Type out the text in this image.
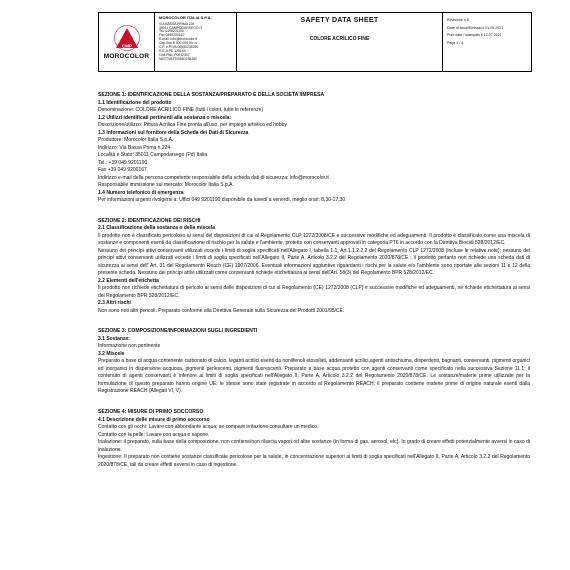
CMP
MOROCOLOR
MOROCOLOR ITALIA S.P.A.
VIA BASSA PRIMA 224
35011 CAMPODARSEGO IT
Tel. 0498201190
Fax 0499200167
E-mail: info@morocolor.it
Cap.Soc € 300.000,00 i.v.
C.F. e P.IVA 00650235250
R.E.A PD 125144
Cod.Fisc. P0012367
VAT/TVA IT00650235280
SAFETY DATA SHEET
COLORE ACRILICO FINE
Revisione n.6
Date of issue/Emissio il 01.05.2021
Print date / stampato il 12.07.2021
Page 1 / 4
SEZIONE 1: IDENTIFICAZIONE DELLA SOSTANZA/PREPARATO E DELLA SOCIETA'/IMPRESA
1.1 Identificazione del prodotto

Denominazione: COLORE ACRILICO FINE (tutti i colori, tutte le referenze)

1.2 Utilizzi identificati pertinenti alla sostanza o miscela:

Descrizione/utilizzo: Pittura Acrilica Fine pronta all'uso, per impiego artistico ed hobby

1.3 Informazioni sul fornitore della Scheda dei Dati di Sicurezza

Produttore: Morocolor Italia S.p.A.

Indirizzo: Via Bassa Prima n.224

Località e Stato: 35011 Campodarsego (Pd) Italia

Tel.: +39 049 9201190

Fax +39 049 9200167

Indirizzo e-mail della persona competente responsabile della scheda dati di sicurezza: info@morocolor.it

Responsabile immissione sul mercato: Morocolor Italia S.p.A.

1.4 Numero telefonico di emergenza

Per informazioni urgenti rivolgersi a: Uffici 049 9201190 disponibile da lunedì a venerdì, meglio orari: 8,30-17,30

SEZIONE 2: IDENTIFICAZIONE DEI RISCHI
2.1 Classificazione della sostanza o della miscela

Il prodotto non è classificato pericoloso ai sensi del disposizioni di cui al Regolamento CLP 1272/2008/CE e successive modifiche ed adeguamenti. Il prodotto è classificato come una miscela di sostanze e componenti esenti da classificazione di rischio per la salute e l'ambiente, protetto con conservanti approvati in categoria PT6 in accordo con la Direttiva Biocidi 528/2012/EC.

Nessuno dei principi attivi conservanti utilizzati eccede i limiti di soglia specificati nell'Allegato I, tabella 1.1, Art.1.1.2.2.2 del Regolamento CLP 1272/2008 (incluse le relative note); nessuno dei principi attivi conservanti utilizzati eccede i limiti di soglia specificati nell'Allegato II, Parte A, Articolo 3.2.2 del Regolamento 2020/878/CE ; il prodotto pertanto non richiede una scheda dati di sicurezza ai sensi dell' Art. 31 del Regolamento Reach (CE) 1907/2006. Eventuali informazioni aggiuntive riguardanti i rischi per la salute e/o l'ambiente sono riportate alle sezioni 11 e 12 della presente scheda. Nessuno dei principi attivi utilizzati come conservanti richiede etichettatura ai sensi dell'Art. 58(3) del Regolamento BPR 528/2012/EC.

2.2 Elementi dell'etichetta

Il prodotto non richiede etichettatura di pericolo ai sensi delle disposizioni di cui al Regolamento (CE) 1272/2008 (CLP) e successive modifiche ed adeguamenti, né richiede etichettatura ai sensi del Regolamento BPR 528/2012/EC.

2.3 Altri rischi

Non sono noti altri pericoli. Preparato conforme alla Direttiva Generale sulla Sicurezza dei Prodotti 2001/95/CE.

SEZIONE 3: COMPOSIZIONE/INFORMAZIONI SUGLI INGREDIENTI
3.1 Sostanze:

Informazione non pertinente

3.2 Miscele

Preparato a base di acqua contenente carbonato di calcio, leganti acrilici esenti da nonilfenoli etossilati, addensanti acrilici,agenti antischiuma, disperdenti, bagnanti, conservanti, pigmenti organici ed inorganici in dispersione acquosa, pigmenti perlescenti, pigmenti fluorescenti. Preparato a base acqua protetto con agenti conservanti come specificato nella successiva Sezione 11.1: il contenuto di agenti conservanti è inferiore ai limiti di soglia specificati nell'Allegato II, Parte A, Articolo 3.2.2 del Regolamento 2020/878/CE. Le sostanze/materie prime utilizzate per la formulazione di questo preparato hanno origine UE; le stesse sono state registrate in accordo al Regolamento REACH; il preparato contiene materie prime di origine naturale esenti dalla Registrazione REACH (Allegati VI, V).

SEZIONE 4: MISURE DI PRIMO SOCCORSO
4.1 Descrizione delle misure di primo soccorso

Contatto con gli occhi: Lavare con abbondante acqua; se compare irritazione consultare un medico.

Contatto con la pelle: Lavare con acqua e sapone.

Inalazione: il preparato, sulla base della composizione, non contiene/non rilascia vapori od altre sostanze (in forma di gas, aerosol, etc). In grado di creare effetti potenzialmente avversi in caso di inalazione.

Ingestione: Il preparato non contiene sostanze classificate pericolose per la salute, in concentrazione superiori ai limiti di soglia specificati nell'Allegato II, Parte A, Articolo 3.2.2 del Regolamento 2020/878/CE, tali da creare effetti avversi in caso di ingestione.
